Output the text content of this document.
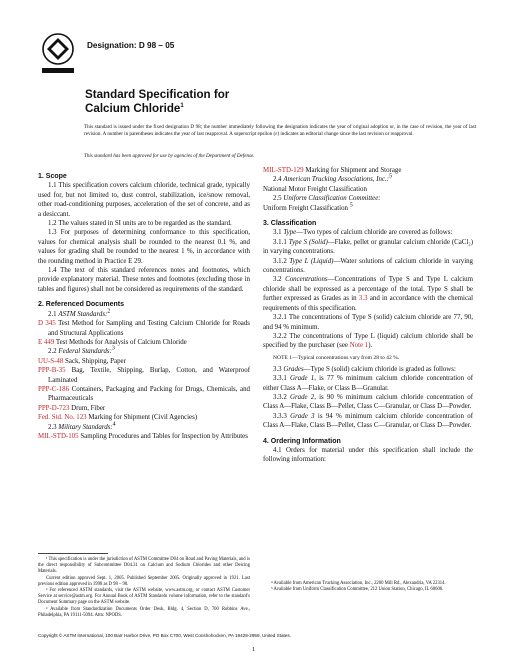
Designation: D 98 – 05
Standard Specification for
Calcium Chloride$^1$
This standard is issued under the fixed designation D 98; the number immediately following the designation indicates the year of original adoption or, in the case of revision, the year of last revision. A number in parentheses indicates the year of last reapproval. A superscript epsilon (ε) indicates an editorial change since the last revision or reapproval.
This standard has been approved for use by agencies of the Department of Defense.

1. Scope

1.1 This specification covers calcium chloride, technical grade, typically used for, but not limited to, dust control, stabilization, ice/snow removal, other road-conditioning purposes, acceleration of the set of concrete, and as a desiccant.

1.2 The values stated in SI units are to be regarded as the standard.

1.3 For purposes of determining conformance to this specification, values for chemical analysis shall be rounded to the nearest 0.1 %, and values for grading shall be rounded to the nearest 1 %, in accordance with the rounding method in Practice E 29.

1.4 The text of this standard references notes and footnotes, which provide explanatory material. These notes and footnotes (excluding those in tables and figures) shall not be considered as requirements of the standard.

2. Referenced Documents

2.1 ASTM Standards:2

D 345 Test Method for Sampling and Testing Calcium Chloride for Roads and Structural Applications

E 449 Test Methods for Analysis of Calcium Chloride

2.2 Federal Standards:3

UU-S-48 Sack, Shipping, Paper

PPP-B-35 Bag, Textile, Shipping, Burlap, Cotton, and Waterproof Laminated

PPP-C-186 Containers, Packaging and Packing for Drugs, Chemicals, and Pharmaceuticals

PPP-D-723 Drum, Fiber

Fed. Std. No. 123 Marking for Shipment (Civil Agencies)

2.3 Military Standards:4

MIL-STD-105 Sampling Procedures and Tables for Inspection by Attributes

MIL-STD-129 Marking for Shipment and Storage

2.4 American Trucking Associations, Inc.:5

National Motor Freight Classification

2.5 Uniform Classification Committee:

Uniform Freight Classification 5

3. Classification

3.1 Type—Two types of calcium chloride are covered as follows:

3.1.1 Type S (Solid)—Flake, pellet or granular calcium chloride (CaCl₂) in varying concentrations.

3.1.2 Type L (Liquid)—Water solutions of calcium chloride in varying concentrations.

3.2 Concentrations—Concentrations of Type S and Type L calcium chloride shall be expressed as a percentage of the total. Type S shall be further expressed as Grades as in 3.3 and in accordance with the chemical requirements of this specification.

3.2.1 The concentrations of Type S (solid) calcium chloride are 77, 90, and 94 % minimum.

3.2.2 The concentrations of Type L (liquid) calcium chloride shall be specified by the purchaser (see Note 1).

NOTE 1—Typical concentrations vary from 28 to 42 %.

3.3 Grades—Type S (solid) calcium chloride is graded as follows:

3.3.1 Grade 1, is 77 % minimum calcium chloride concentration of either Class A—Flake, or Class B—Granular.

3.3.2 Grade 2, is 90 % minimum calcium chloride concentration of Class A—Flake, Class B—Pellet, Class C—Granular, or Class D—Powder.

3.3.3 Grade 3 is 94 % minimum calcium chloride concentration of Class A—Flake, Class B—Pellet, Class C—Granular, or Class D—Powder.

4. Ordering Information

4.1 Orders for material under this specification shall include the following information:

¹ This specification is under the jurisdiction of ASTM Committee D04 on Road and Paving Materials, and is the direct responsibility of Subcommittee D04.31 on Calcium and Sodium Chlorides and other Deicing Materials.
Current edition approved Sept. 1, 2005. Published September 2005. Originally approved in 1921. Last previous edition approved in 1998 as D 98 – 98.
² For referenced ASTM standards, visit the ASTM website, www.astm.org, or contact ASTM Customer Service at service@astm.org. For Annual Book of ASTM Standards volume information, refer to the standard's Document Summary page on the ASTM website.
³ Available from Standardization Documents Order Desk, Bldg. 4, Section D, 700 Robbins Ave., Philadelphia, PA 19111-5094. Attn: NPODS.
⁴ Available from American Trucking Association, Inc., 2200 Mill Rd., Alexandria, VA 22314.
⁵ Available from Uniform Classification Committee, 212 Union Station, Chicago, IL 60606.
Copyright © ASTM International, 100 Barr Harbor Drive, PO Box C700, West Conshohocken, PA 19428-2959, United States.
1
